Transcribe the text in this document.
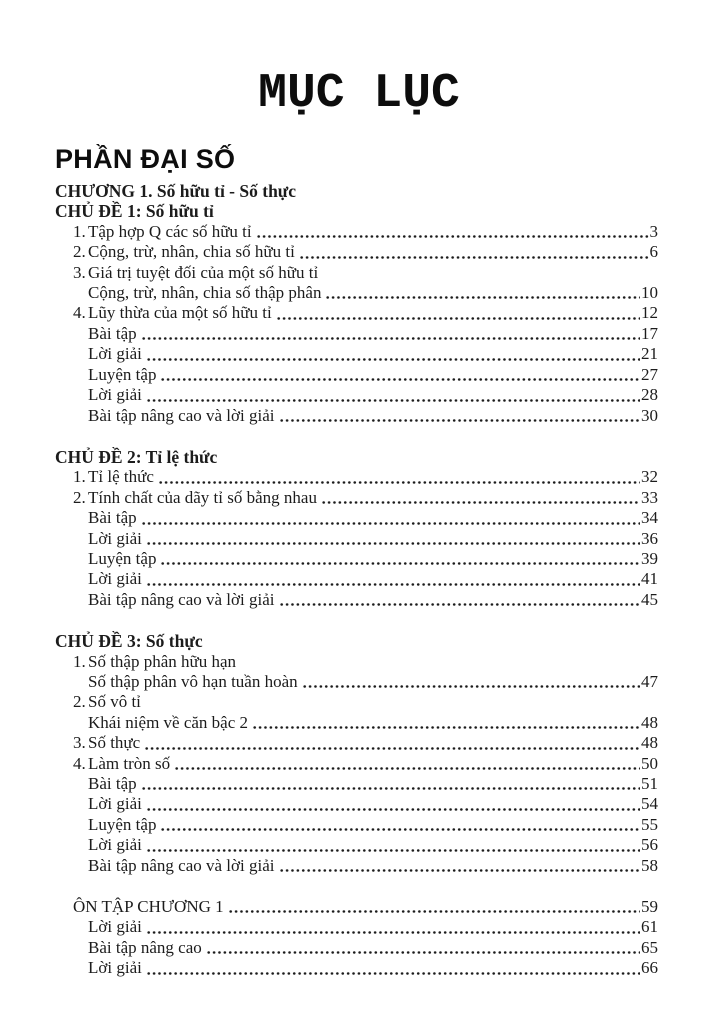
MỤC LỤC
PHẦN ĐẠI SỐ
CHƯƠNG 1. Số hữu tỉ - Số thực
CHỦ ĐỀ 1: Số hữu tỉ
1. Tập hợp Q các số hữu tỉ	3
2. Cộng, trừ, nhân, chia số hữu tỉ	6
3. Giá trị tuyệt đối của một số hữu tỉ
Cộng, trừ, nhân, chia số thập phân	10
4. Lũy thừa của một số hữu tỉ	12
Bài tập	17
Lời giải	21
Luyện tập	27
Lời giải	28
Bài tập nâng cao và lời giải	30
CHỦ ĐỀ 2: Tỉ lệ thức
1. Tỉ lệ thức	32
2. Tính chất của dãy tỉ số bằng nhau	33
Bài tập	34
Lời giải	36
Luyện tập	39
Lời giải	41
Bài tập nâng cao và lời giải	45
CHỦ ĐỀ 3: Số thực
1. Số thập phân hữu hạn
Số thập phân vô hạn tuần hoàn	47
2. Số vô tỉ
Khái niệm về căn bậc 2	48
3. Số thực	48
4. Làm tròn số	50
Bài tập	51
Lời giải	54
Luyện tập	55
Lời giải	56
Bài tập nâng cao và lời giải	58
ÔN TẬP CHƯƠNG 1	59
Lời giải	61
Bài tập nâng cao	65
Lời giải	66
